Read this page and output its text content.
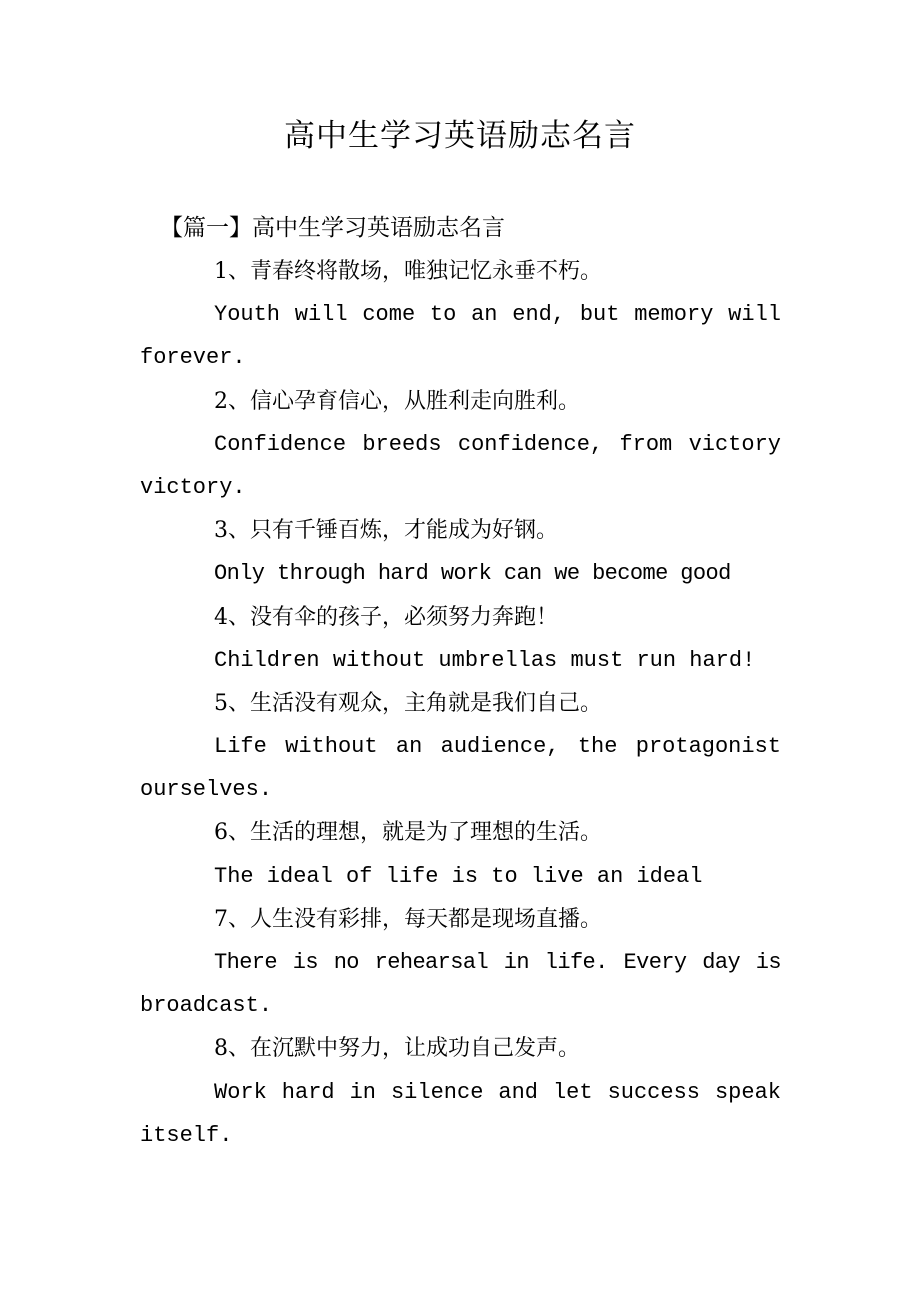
高中生学习英语励志名言
【篇一】高中生学习英语励志名言
1、青春终将散场，唯独记忆永垂不朽。
Youth will come to an end, but memory will
forever.
2、信心孕育信心，从胜利走向胜利。
Confidence breeds confidence, from victory
victory.
3、只有千锤百炼，才能成为好钢。
Only through hard work can we become good
4、没有伞的孩子，必须努力奔跑！
Children without umbrellas must run hard!
5、生活没有观众，主角就是我们自己。
Life without an audience, the protagonist
ourselves.
6、生活的理想，就是为了理想的生活。
The ideal of life is to live an ideal
7、人生没有彩排，每天都是现场直播。
There is no rehearsal in life. Every day is
broadcast.
8、在沉默中努力，让成功自己发声。
Work hard in silence and let success speak
itself.
